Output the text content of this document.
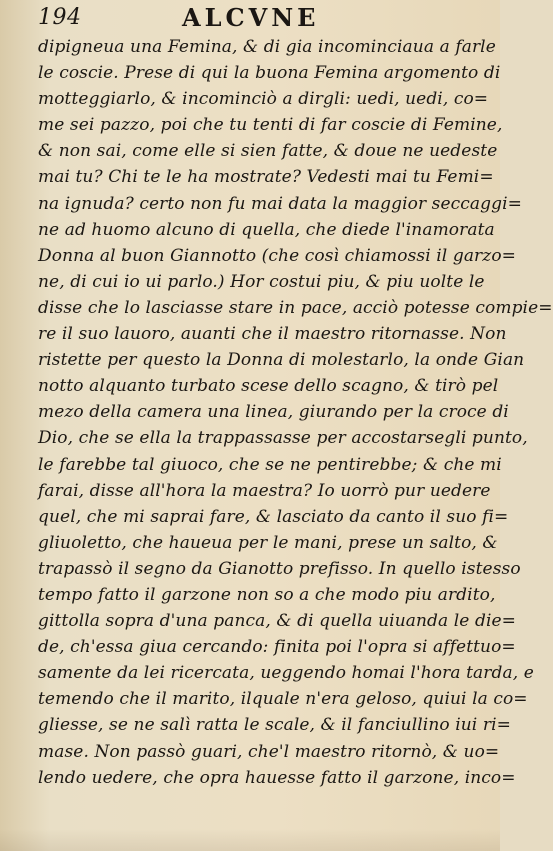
194	ALCVNE
dipigneua una Femina, & di gia incominciaua a farle
le coscie. Prese di qui la buona Femina argomento di
motteggiarlo, & incominciò a dirgli: uedi, uedi, co=
me sei pazzo, poi che tu tenti di far coscie di Femine,
& non sai, come elle si sien fatte, & doue ne uedeste
mai tu? Chi te le ha mostrate? Vedesti mai tu Femi=
na ignuda? certo non fu mai data la maggior seccaggi=
ne ad huomo alcuno di quella, che diede l'inamorata
Donna al buon Giannotto (che così chiamossi il garzo=
ne, di cui io ui parlo.) Hor costui piu, & piu uolte le
disse che lo lasciasse stare in pace, acciò potesse compie=
re il suo lauoro, auanti che il maestro ritornasse. Non
ristette per questo la Donna di molestarlo, la onde Gian
notto alquanto turbato scese dello scagno, & tirò pel
mezo della camera una linea, giurando per la croce di
Dio, che se ella la trappassasse per accostarsegli punto,
le farebbe tal giuoco, che se ne pentirebbe; & che mi
farai, disse all'hora la maestra? Io uorrò pur uedere
quel, che mi saprai fare, & lasciato da canto il suo fi=
gliuoletto, che haueua per le mani, prese un salto, &
trapassò il segno da Gianotto prefisso. In quello istesso
tempo fatto il garzone non so a che modo piu ardito,
gittolla sopra d'una panca, & di quella uiuanda le die=
de, ch'essa giua cercando: finita poi l'opra si affettuo=
samente da lei ricercata, ueggendo homai l'hora tarda, e
temendo che il marito, ilquale n'era geloso, quiui la co=
gliesse, se ne salì ratta le scale, & il fanciullino iui ri=
mase. Non passò guari, che'l maestro ritornò, & uo=
lendo uedere, che opra hauesse fatto il garzone, inco=
